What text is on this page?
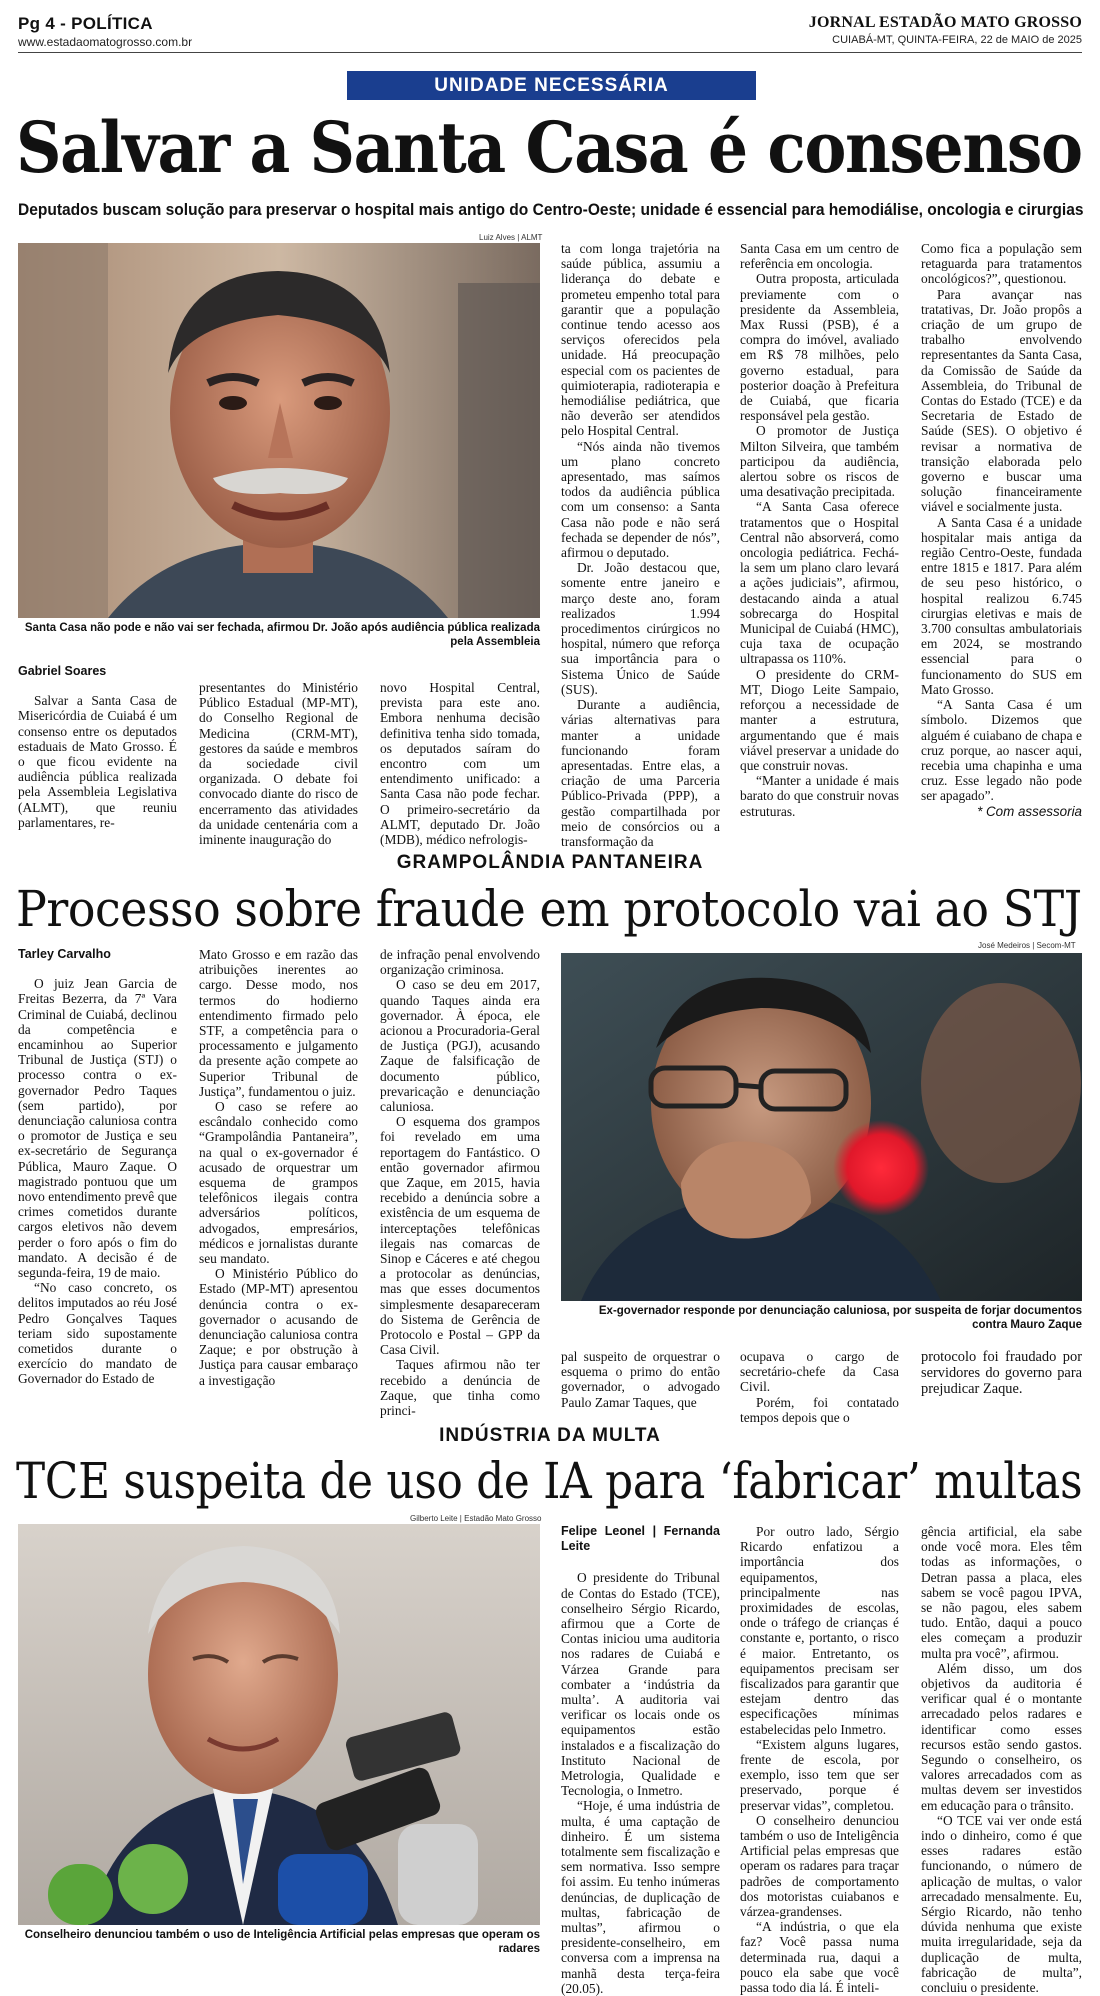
Pg 4 - POLÍTICA
www.estadaomatogrosso.com.br
JORNAL ESTADÃO MATO GROSSO
CUIABÁ-MT, QUINTA-FEIRA, 22 de MAIO de 2025
UNIDADE NECESSÁRIA
Salvar a Santa Casa é consenso
Deputados buscam solução para preservar o hospital mais antigo do Centro-Oeste; unidade é essencial para hemodiálise, oncologia e cirurgias
Luiz Alves | ALMT
Santa Casa não pode e não vai ser fechada, afirmou Dr. João após audiência pública realizada pela Assembleia

Gabriel Soares

Salvar a Santa Casa de Misericórdia de Cuiabá é um consenso entre os deputados estaduais de Mato Grosso. É o que ficou evidente na audiência pública realizada pela Assembleia Legislativa (ALMT), que reuniu parlamentares, re-

presentantes do Ministério Público Estadual (MP-MT), do Conselho Regional de Medicina (CRM-MT), gestores da saúde e membros da sociedade civil organizada. O debate foi convocado diante do risco de encerramento das atividades da unidade centenária com a iminente inauguração do

novo Hospital Central, prevista para este ano. Embora nenhuma decisão definitiva tenha sido tomada, os deputados saíram do encontro com um entendimento unificado: a Santa Casa não pode fechar. O primeiro-secretário da ALMT, deputado Dr. João (MDB), médico nefrologis-

ta com longa trajetória na saúde pública, assumiu a liderança do debate e prometeu empenho total para garantir que a população continue tendo acesso aos serviços oferecidos pela unidade. Há preocupação especial com os pacientes de quimioterapia, radioterapia e hemodiálise pediátrica, que não deverão ser atendidos pelo Hospital Central.

“Nós ainda não tivemos um plano concreto apresentado, mas saímos todos da audiência pública com um consenso: a Santa Casa não pode e não será fechada se depender de nós”, afirmou o deputado.

Dr. João destacou que, somente entre janeiro e março deste ano, foram realizados 1.994 procedimentos cirúrgicos no hospital, número que reforça sua importância para o Sistema Único de Saúde (SUS).

Durante a audiência, várias alternativas para manter a unidade funcionando foram apresentadas. Entre elas, a criação de uma Parceria Público-Privada (PPP), a gestão compartilhada por meio de consórcios ou a transformação da

Santa Casa em um centro de referência em oncologia.

Outra proposta, articulada previamente com o presidente da Assembleia, Max Russi (PSB), é a compra do imóvel, avaliado em R$ 78 milhões, pelo governo estadual, para posterior doação à Prefeitura de Cuiabá, que ficaria responsável pela gestão.

O promotor de Justiça Milton Silveira, que também participou da audiência, alertou sobre os riscos de uma desativação precipitada.

“A Santa Casa oferece tratamentos que o Hospital Central não absorverá, como oncologia pediátrica. Fechá-la sem um plano claro levará a ações judiciais”, afirmou, destacando ainda a atual sobrecarga do Hospital Municipal de Cuiabá (HMC), cuja taxa de ocupação ultrapassa os 110%.

O presidente do CRM-MT, Diogo Leite Sampaio, reforçou a necessidade de manter a estrutura, argumentando que é mais viável preservar a unidade do que construir novas.

“Manter a unidade é mais barato do que construir novas estruturas.

Como fica a população sem retaguarda para tratamentos oncológicos?”, questionou.

Para avançar nas tratativas, Dr. João propôs a criação de um grupo de trabalho envolvendo representantes da Santa Casa, da Comissão de Saúde da Assembleia, do Tribunal de Contas do Estado (TCE) e da Secretaria de Estado de Saúde (SES). O objetivo é revisar a normativa de transição elaborada pelo governo e buscar uma solução financeiramente viável e socialmente justa.

A Santa Casa é a unidade hospitalar mais antiga da região Centro-Oeste, fundada entre 1815 e 1817. Para além de seu peso histórico, o hospital realizou 6.745 cirurgias eletivas e mais de 3.700 consultas ambulatoriais em 2024, se mostrando essencial para o funcionamento do SUS em Mato Grosso.

“A Santa Casa é um símbolo. Dizemos que alguém é cuiabano de chapa e cruz porque, ao nascer aqui, recebia uma chapinha e uma cruz. Esse legado não pode ser apagado”.

* Com assessoria

GRAMPOLÂNDIA PANTANEIRA
Processo sobre fraude em protocolo vai ao STJ

Tarley Carvalho

O juiz Jean Garcia de Freitas Bezerra, da 7ª Vara Criminal de Cuiabá, declinou da competência e encaminhou ao Superior Tribunal de Justiça (STJ) o processo contra o ex-governador Pedro Taques (sem partido), por denunciação caluniosa contra o promotor de Justiça e seu ex-secretário de Segurança Pública, Mauro Zaque. O magistrado pontuou que um novo entendimento prevê que crimes cometidos durante cargos eletivos não devem perder o foro após o fim do mandato. A decisão é de segunda-feira, 19 de maio.

“No caso concreto, os delitos imputados ao réu José Pedro Gonçalves Taques teriam sido supostamente cometidos durante o exercício do mandato de Governador do Estado de

Mato Grosso e em razão das atribuições inerentes ao cargo. Desse modo, nos termos do hodierno entendimento firmado pelo STF, a competência para o processamento e julgamento da presente ação compete ao Superior Tribunal de Justiça”, fundamentou o juiz.

O caso se refere ao escândalo conhecido como “Grampolândia Pantaneira”, na qual o ex-governador é acusado de orquestrar um esquema de grampos telefônicos ilegais contra adversários políticos, advogados, empresários, médicos e jornalistas durante seu mandato.

O Ministério Público do Estado (MP-MT) apresentou denúncia contra o ex-governador o acusando de denunciação caluniosa contra Zaque; e por obstrução à Justiça para causar embaraço a investigação

de infração penal envolvendo organização criminosa.

O caso se deu em 2017, quando Taques ainda era governador. À época, ele acionou a Procuradoria-Geral de Justiça (PGJ), acusando Zaque de falsificação de documento público, prevaricação e denunciação caluniosa.

O esquema dos grampos foi revelado em uma reportagem do Fantástico. O então governador afirmou que Zaque, em 2015, havia recebido a denúncia sobre a existência de um esquema de interceptações telefônicas ilegais nas comarcas de Sinop e Cáceres e até chegou a protocolar as denúncias, mas que esses documentos simplesmente desapareceram do Sistema de Gerência de Protocolo e Postal – GPP da Casa Civil.

Taques afirmou não ter recebido a denúncia de Zaque, que tinha como princi-

José Medeiros | Secom-MT
Ex-governador responde por denunciação caluniosa, por suspeita de forjar documentos contra Mauro Zaque

pal suspeito de orquestrar o esquema o primo do então governador, o advogado Paulo Zamar Taques, que

ocupava o cargo de secretário-chefe da Casa Civil.

Porém, foi contatado tempos depois que o

protocolo foi fraudado por servidores do governo para prejudicar Zaque.

INDÚSTRIA DA MULTA
TCE suspeita de uso de IA para ‘fabricar’ multas
Gilberto Leite | Estadão Mato Grosso
Conselheiro denunciou também o uso de Inteligência Artificial pelas empresas que operam os radares

Felipe Leonel | Fernanda Leite

O presidente do Tribunal de Contas do Estado (TCE), conselheiro Sérgio Ricardo, afirmou que a Corte de Contas iniciou uma auditoria nos radares de Cuiabá e Várzea Grande para combater a ‘indústria da multa’. A auditoria vai verificar os locais onde os equipamentos estão instalados e a fiscalização do Instituto Nacional de Metrologia, Qualidade e Tecnologia, o Inmetro.

“Hoje, é uma indústria de multa, é uma captação de dinheiro. É um sistema totalmente sem fiscalização e sem normativa. Isso sempre foi assim. Eu tenho inúmeras denúncias, de duplicação de multas, fabricação de multas”, afirmou o presidente-conselheiro, em conversa com a imprensa na manhã desta terça-feira (20.05).

Por outro lado, Sérgio Ricardo enfatizou a importância dos equipamentos, principalmente nas proximidades de escolas, onde o tráfego de crianças é constante e, portanto, o risco é maior. Entretanto, os equipamentos precisam ser fiscalizados para garantir que estejam dentro das especificações mínimas estabelecidas pelo Inmetro.

“Existem alguns lugares, frente de escola, por exemplo, isso tem que ser preservado, porque é preservar vidas”, completou.

O conselheiro denunciou também o uso de Inteligência Artificial pelas empresas que operam os radares para traçar padrões de comportamento dos motoristas cuiabanos e várzea-grandenses.

“A indústria, o que ela faz? Você passa numa determinada rua, daqui a pouco ela sabe que você passa todo dia lá. É inteli-

gência artificial, ela sabe onde você mora. Eles têm todas as informações, o Detran passa a placa, eles sabem se você pagou IPVA, se não pagou, eles sabem tudo. Então, daqui a pouco eles começam a produzir multa pra você”, afirmou.

Além disso, um dos objetivos da auditoria é verificar qual é o montante arrecadado pelos radares e identificar como esses recursos estão sendo gastos. Segundo o conselheiro, os valores arrecadados com as multas devem ser investidos em educação para o trânsito.

“O TCE vai ver onde está indo o dinheiro, como é que esses radares estão funcionando, o número de aplicação de multas, o valor arrecadado mensalmente. Eu, Sérgio Ricardo, não tenho dúvida nenhuma que existe muita irregularidade, seja da duplicação de multa, fabricação de multa”, concluiu o presidente.
